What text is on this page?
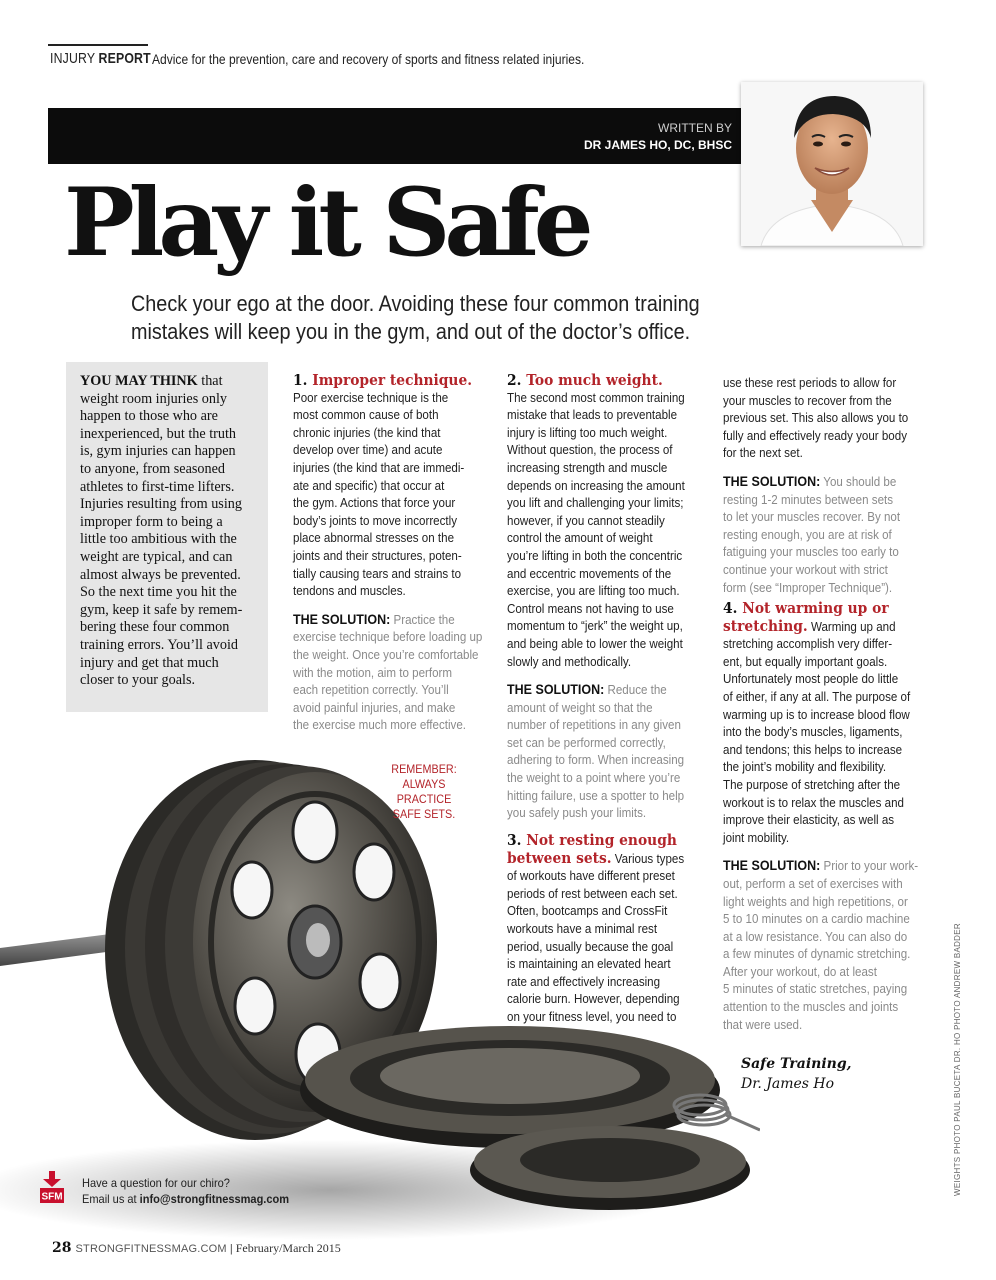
INJURY REPORT Advice for the prevention, care and recovery of sports and fitness related injuries.
WRITTEN BY
DR JAMES HO, DC, BHSC
Play it Safe
Check your ego at the door. Avoiding these four common training
mistakes will keep you in the gym, and out of the doctor’s office.
YOU MAY THINK that
weight room injuries only
happen to those who are
inexperienced, but the truth
is, gym injuries can happen
to anyone, from seasoned
athletes to first-time lifters.
Injuries resulting from using
improper form to being a
little too ambitious with the
weight are typical, and can
almost always be prevented.
So the next time you hit the
gym, keep it safe by remem-
bering these four common
training errors. You’ll avoid
injury and get that much
closer to your goals.
1. Improper technique.
Poor exercise technique is the
most common cause of both
chronic injuries (the kind that
develop over time) and acute
injuries (the kind that are immedi-
ate and specific) that occur at
the gym. Actions that force your
body’s joints to move incorrectly
place abnormal stresses on the
joints and their structures, poten-
tially causing tears and strains to
tendons and muscles.
THE SOLUTION: Practice the
exercise technique before loading up
the weight. Once you’re comfortable
with the motion, aim to perform
each repetition correctly. You’ll
avoid painful injuries, and make
the exercise much more effective.
2. Too much weight.
The second most common training
mistake that leads to preventable
injury is lifting too much weight.
Without question, the process of
increasing strength and muscle
depends on increasing the amount
you lift and challenging your limits;
however, if you cannot steadily
control the amount of weight
you’re lifting in both the concentric
and eccentric movements of the
exercise, you are lifting too much.
Control means not having to use
momentum to “jerk” the weight up,
and being able to lower the weight
slowly and methodically.
THE SOLUTION: Reduce the
amount of weight so that the
number of repetitions in any given
set can be performed correctly,
adhering to form. When increasing
the weight to a point where you’re
hitting failure, use a spotter to help
you safely push your limits.
3. Not resting enough
between sets. Various types
of workouts have different preset
periods of rest between each set.
Often, bootcamps and CrossFit
workouts have a minimal rest
period, usually because the goal
is maintaining an elevated heart
rate and effectively increasing
calorie burn. However, depending
on your fitness level, you need to
use these rest periods to allow for
your muscles to recover from the
previous set. This also allows you to
fully and effectively ready your body
for the next set.
THE SOLUTION: You should be
resting 1-2 minutes between sets
to let your muscles recover. By not
resting enough, you are at risk of
fatiguing your muscles too early to
continue your workout with strict
form (see “Improper Technique”).
4. Not warming up or
stretching. Warming up and
stretching accomplish very differ-
ent, but equally important goals.
Unfortunately most people do little
of either, if any at all. The purpose of
warming up is to increase blood flow
into the body’s muscles, ligaments,
and tendons; this helps to increase
the joint’s mobility and flexibility.
The purpose of stretching after the
workout is to relax the muscles and
improve their elasticity, as well as
joint mobility.
THE SOLUTION: Prior to your work-
out, perform a set of exercises with
light weights and high repetitions, or
5 to 10 minutes on a cardio machine
at a low resistance. You can also do
a few minutes of dynamic stretching.
After your workout, do at least
5 minutes of static stretches, paying
attention to the muscles and joints
that were used.
REMEMBER:
ALWAYS PRACTICE
SAFE SETS.
Safe Training,
Dr. James Ho	WEIGHTS PHOTO PAUL BUCETA DR. HO PHOTO ANDREW BADDER
SFM
Have a question for our chiro?
Email us at info@strongfitnessmag.com
28 STRONGFITNESSMAG.COM | February/March 2015
